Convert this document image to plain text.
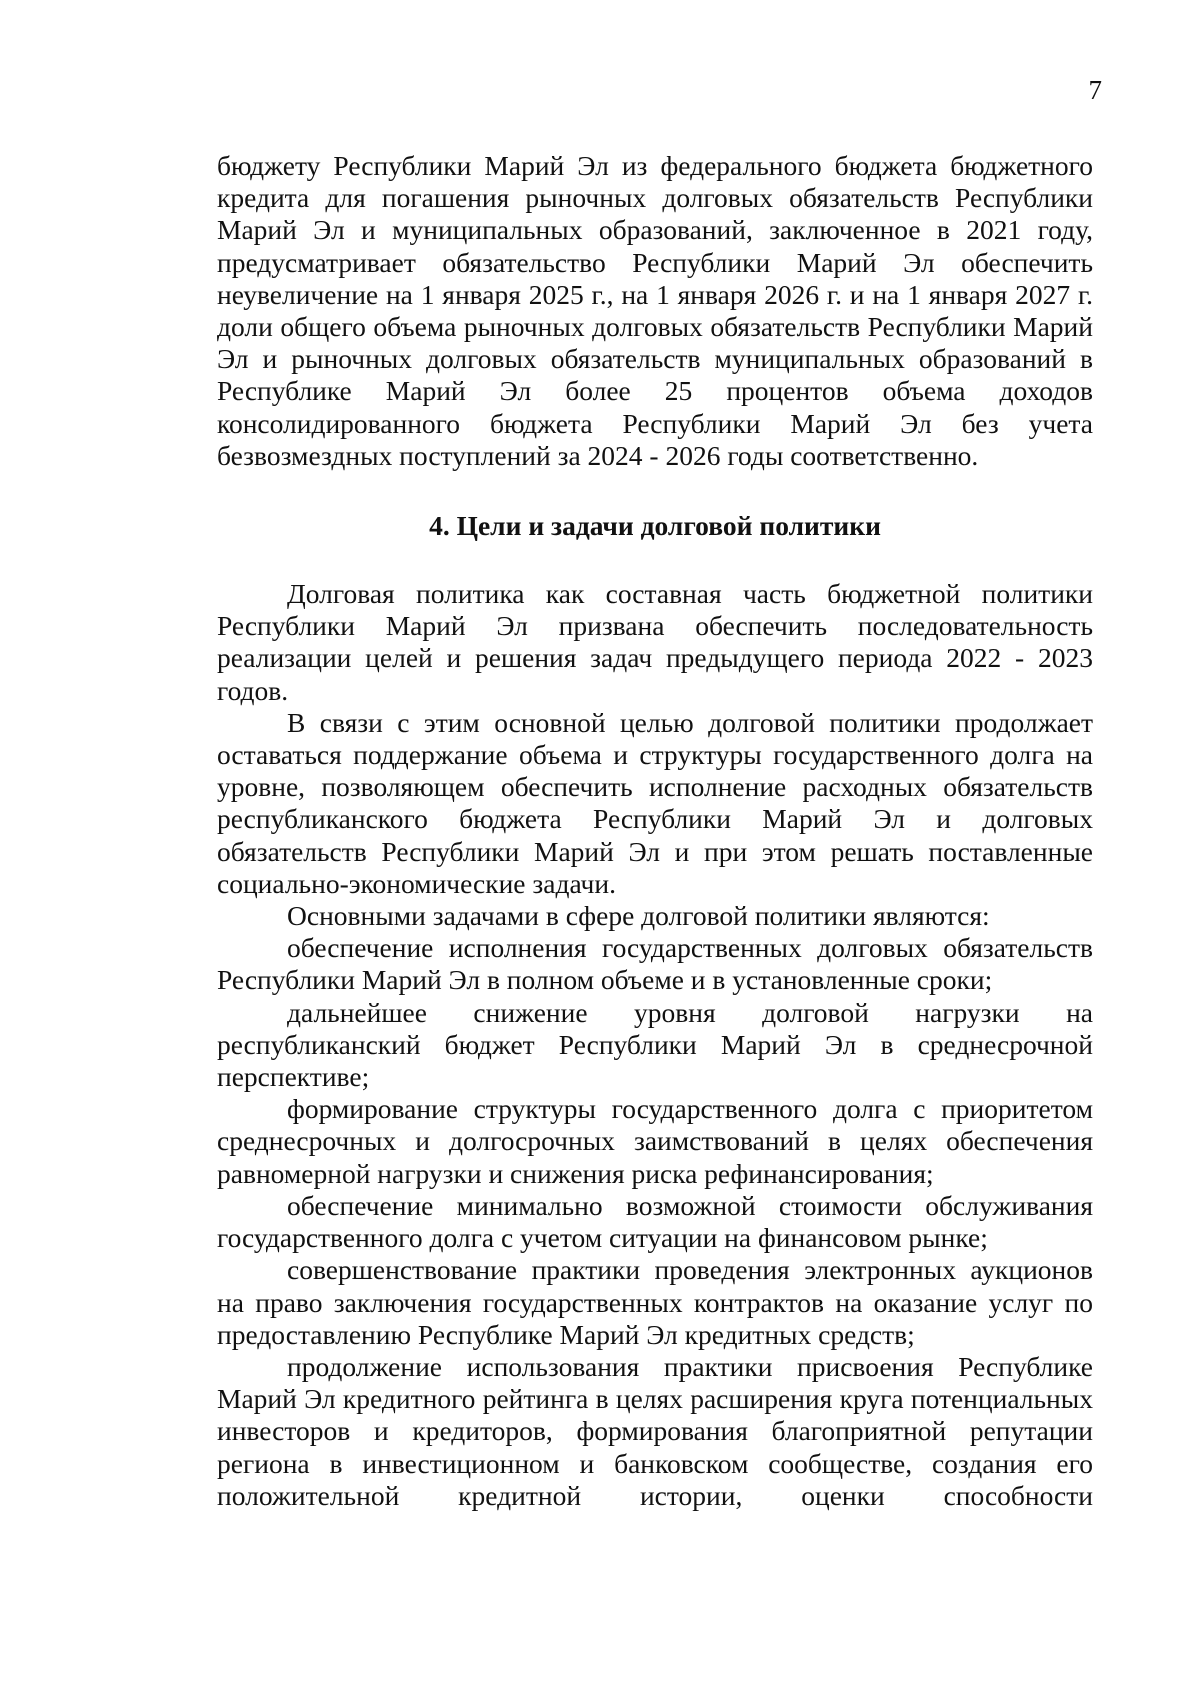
7

бюджету Республики Марий Эл из федерального бюджета бюджетного кредита для погашения рыночных долговых обязательств Республики Марий Эл и муниципальных образований, заключенное в 2021 году, предусматривает обязательство Республики Марий Эл обеспечить неувеличение на 1 января 2025 г., на 1 января 2026 г. и на 1 января 2027 г. доли общего объема рыночных долговых обязательств Республики Марий Эл и рыночных долговых обязательств муниципальных образований в Республике Марий Эл более 25 процентов объема доходов консолидированного бюджета Республики Марий Эл без учета безвозмездных поступлений за 2024 - 2026 годы соответственно.

4. Цели и задачи долговой политики

Долговая политика как составная часть бюджетной политики Республики Марий Эл призвана обеспечить последовательность реализации целей и решения задач предыдущего периода 2022 - 2023 годов.

В связи с этим основной целью долговой политики продолжает оставаться поддержание объема и структуры государственного долга на уровне, позволяющем обеспечить исполнение расходных обязательств республиканского бюджета Республики Марий Эл и долговых обязательств Республики Марий Эл и при этом решать поставленные социально-экономические задачи.

Основными задачами в сфере долговой политики являются:

обеспечение исполнения государственных долговых обязательств Республики Марий Эл в полном объеме и в установленные сроки;

дальнейшее снижение уровня долговой нагрузки на республиканский бюджет Республики Марий Эл в среднесрочной перспективе;

формирование структуры государственного долга с приоритетом среднесрочных и долгосрочных заимствований в целях обеспечения равномерной нагрузки и снижения риска рефинансирования;

обеспечение минимально возможной стоимости обслуживания государственного долга с учетом ситуации на финансовом рынке;

совершенствование практики проведения электронных аукционов на право заключения государственных контрактов на оказание услуг по предоставлению Республике Марий Эл кредитных средств;

продолжение использования практики присвоения Республике Марий Эл кредитного рейтинга в целях расширения круга потенциальных инвесторов и кредиторов, формирования благоприятной репутации региона в инвестиционном и банковском сообществе, создания его положительной кредитной истории, оценки способности
